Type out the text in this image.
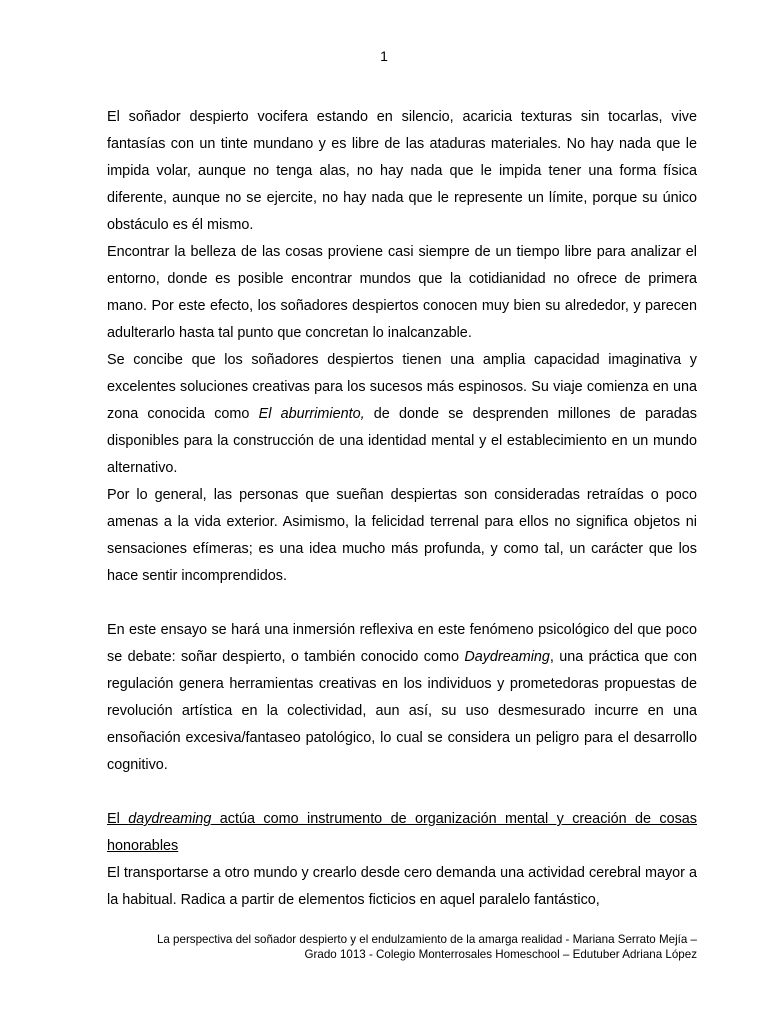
1

El soñador despierto vocifera estando en silencio, acaricia texturas sin tocarlas, vive fantasías con un tinte mundano y es libre de las ataduras materiales. No hay nada que le impida volar, aunque no tenga alas, no hay nada que le impida tener una forma física diferente, aunque no se ejercite, no hay nada que le represente un límite, porque su único obstáculo es él mismo.

Encontrar la belleza de las cosas proviene casi siempre de un tiempo libre para analizar el entorno, donde es posible encontrar mundos que la cotidianidad no ofrece de primera mano. Por este efecto, los soñadores despiertos conocen muy bien su alrededor, y parecen adulterarlo hasta tal punto que concretan lo inalcanzable.

Se concibe que los soñadores despiertos tienen una amplia capacidad imaginativa y excelentes soluciones creativas para los sucesos más espinosos. Su viaje comienza en una zona conocida como El aburrimiento, de donde se desprenden millones de paradas disponibles para la construcción de una identidad mental y el establecimiento en un mundo alternativo.

Por lo general, las personas que sueñan despiertas son consideradas retraídas o poco amenas a la vida exterior. Asimismo, la felicidad terrenal para ellos no significa objetos ni sensaciones efímeras; es una idea mucho más profunda, y como tal, un carácter que los hace sentir incomprendidos.

En este ensayo se hará una inmersión reflexiva en este fenómeno psicológico del que poco se debate: soñar despierto, o también conocido como Daydreaming, una práctica que con regulación genera herramientas creativas en los individuos y prometedoras propuestas de revolución artística en la colectividad, aun así, su uso desmesurado incurre en una ensoñación excesiva/fantaseo patológico, lo cual se considera un peligro para el desarrollo cognitivo.

El daydreaming actúa como instrumento de organización mental y creación de cosas honorables

El transportarse a otro mundo y crearlo desde cero demanda una actividad cerebral mayor a la habitual. Radica a partir de elementos ficticios en aquel paralelo fantástico,

La perspectiva del soñador despierto y el endulzamiento de la amarga realidad - Mariana Serrato Mejía –
Grado 1013 - Colegio Monterrosales Homeschool – Edutuber Adriana López
